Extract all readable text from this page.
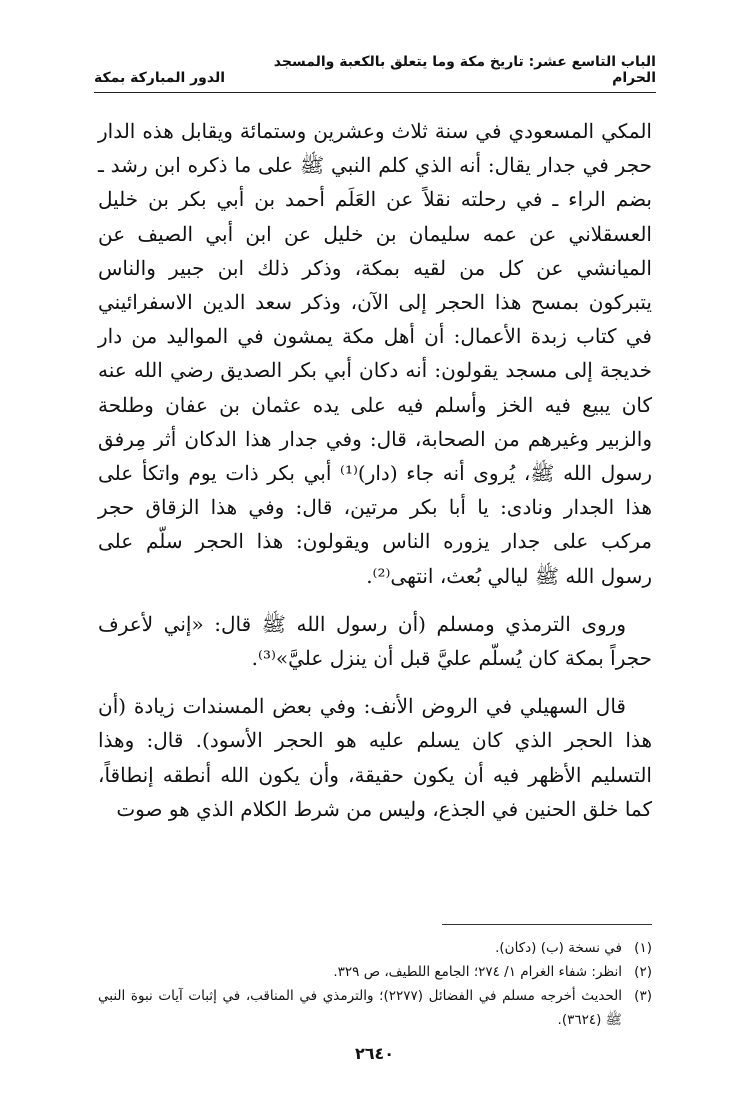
الباب التاسع عشر: تاريخ مكة وما يتعلق بالكعبة والمسجد الحرام
الدور المباركة بمكة

المكي المسعودي في سنة ثلاث وعشرين وستمائة ويقابل هذه الدار حجر في جدار يقال: أنه الذي كلم النبي ﷺ على ما ذكره ابن رشد ـ بضم الراء ـ في رحلته نقلاً عن العَلَم أحمد بن أبي بكر بن خليل العسقلاني عن عمه سليمان بن خليل عن ابن أبي الصيف عن الميانشي عن كل من لقيه بمكة، وذكر ذلك ابن جبير والناس يتبركون بمسح هذا الحجر إلى الآن، وذكر سعد الدين الاسفرائيني في كتاب زبدة الأعمال: أن أهل مكة يمشون في المواليد من دار خديجة إلى مسجد يقولون: أنه دكان أبي بكر الصديق رضي الله عنه كان يبيع فيه الخز وأسلم فيه على يده عثمان بن عفان وطلحة والزبير وغيرهم من الصحابة، قال: وفي جدار هذا الدكان أثر مِرفق رسول الله ﷺ، يُروى أنه جاء (دار)⁽¹⁾ أبي بكر ذات يوم واتكأ على هذا الجدار ونادى: يا أبا بكر مرتين، قال: وفي هذا الزقاق حجر مركب على جدار يزوره الناس ويقولون: هذا الحجر سلّم على رسول الله ﷺ ليالي بُعث، انتهى⁽²⁾.

وروى الترمذي ومسلم (أن رسول الله ﷺ قال: «إني لأعرف حجراً بمكة كان يُسلّم عليَّ قبل أن ينزل عليَّ»⁽³⁾.

قال السهيلي في الروض الأنف: وفي بعض المسندات زيادة (أن هذا الحجر الذي كان يسلم عليه هو الحجر الأسود). قال: وهذا التسليم الأظهر فيه أن يكون حقيقة، وأن يكون الله أنطقه إنطاقاً، كما خلق الحنين في الجذع، وليس من شرط الكلام الذي هو صوت

(١)
في نسخة (ب) (دكان).
(٢)
انظر: شفاء الغرام ١/ ٢٧٤؛ الجامع اللطيف، ص ٣٢٩.
(٣)
الحديث أخرجه مسلم في الفضائل (٢٢٧٧)؛ والترمذي في المناقب، في إثبات آيات نبوة النبي ﷺ (٣٦٢٤).
٢٦٤٠
